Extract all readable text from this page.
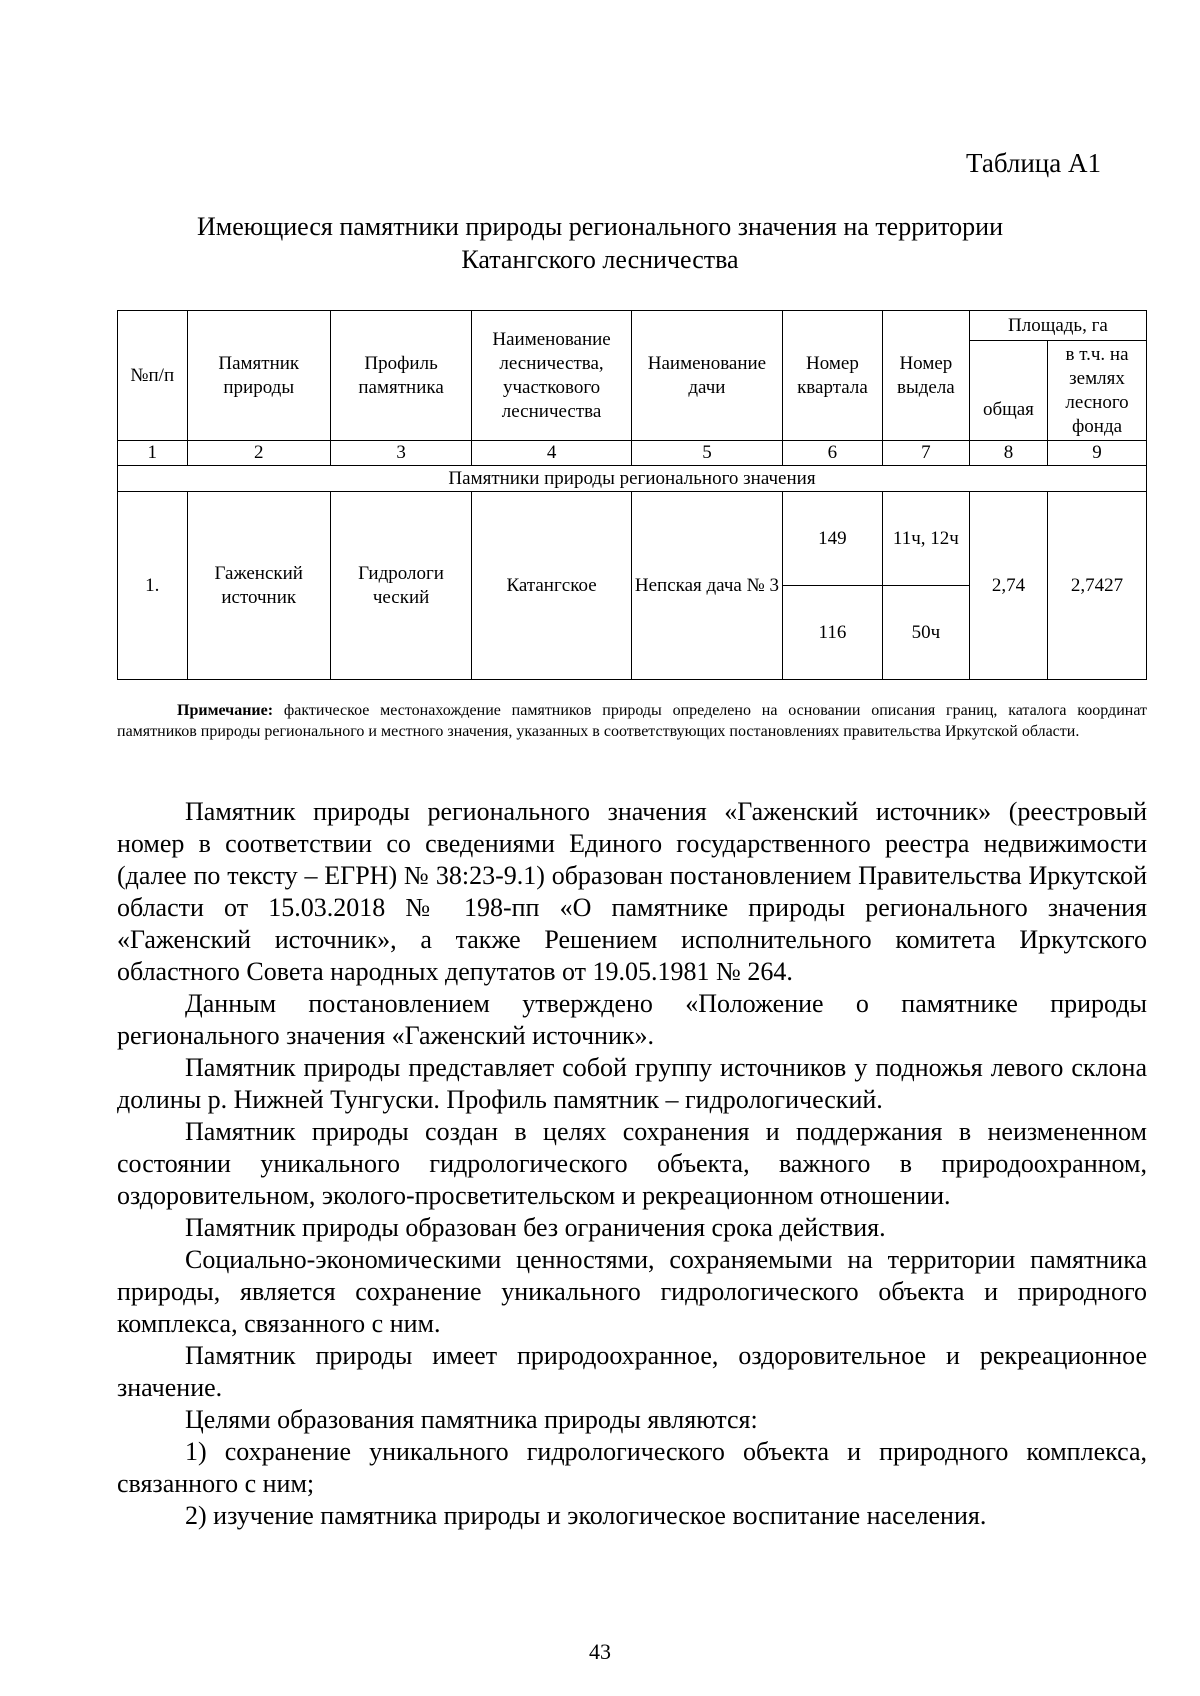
Таблица А1
Имеющиеся памятники природы регионального значения на территории
Катангского лесничества
№п/п	Памятник природы	Профиль памятника	Наименование лесничества, участкового лесничества	Наименование дачи	Номер квартала	Номер выдела	Площадь, га	
							общая	в т.ч. на землях лесного фонда
1	2	3	4	5	6	7	8	9
Памятники природы регионального значения								
1.	Гаженский источник	Гидрологи ческий	Катангское	Непская дача № 3	149	11ч, 12ч	2,74	2,7427
					116	50ч		
Примечание: фактическое местонахождение памятников природы определено на основании описания границ, каталога координат памятников природы регионального и местного значения, указанных в соответствующих постановлениях правительства Иркутской области.

Памятник природы регионального значения «Гаженский источник» (реестровый номер в соответствии со сведениями Единого государственного реестра недвижимости (далее по тексту – ЕГРН) № 38:23-9.1) образован постановлением Правительства Иркутской области от 15.03.2018 № 198-пп «О памятнике природы регионального значения «Гаженский источник», а также Решением исполнительного комитета Иркутского областного Совета народных депутатов от 19.05.1981 № 264.

Данным постановлением утверждено «Положение о памятнике природы регионального значения «Гаженский источник».

Памятник природы представляет собой группу источников у подножья левого склона долины р. Нижней Тунгуски. Профиль памятник – гидрологический.

Памятник природы создан в целях сохранения и поддержания в неизмененном состоянии уникального гидрологического объекта, важного в природоохранном, оздоровительном, эколого-просветительском и рекреационном отношении.

Памятник природы образован без ограничения срока действия.

Социально-экономическими ценностями, сохраняемыми на территории памятника природы, является сохранение уникального гидрологического объекта и природного комплекса, связанного с ним.

Памятник природы имеет природоохранное, оздоровительное и рекреационное значение.

Целями образования памятника природы являются:

1) сохранение уникального гидрологического объекта и природного комплекса, связанного с ним;

2) изучение памятника природы и экологическое воспитание населения.

43
